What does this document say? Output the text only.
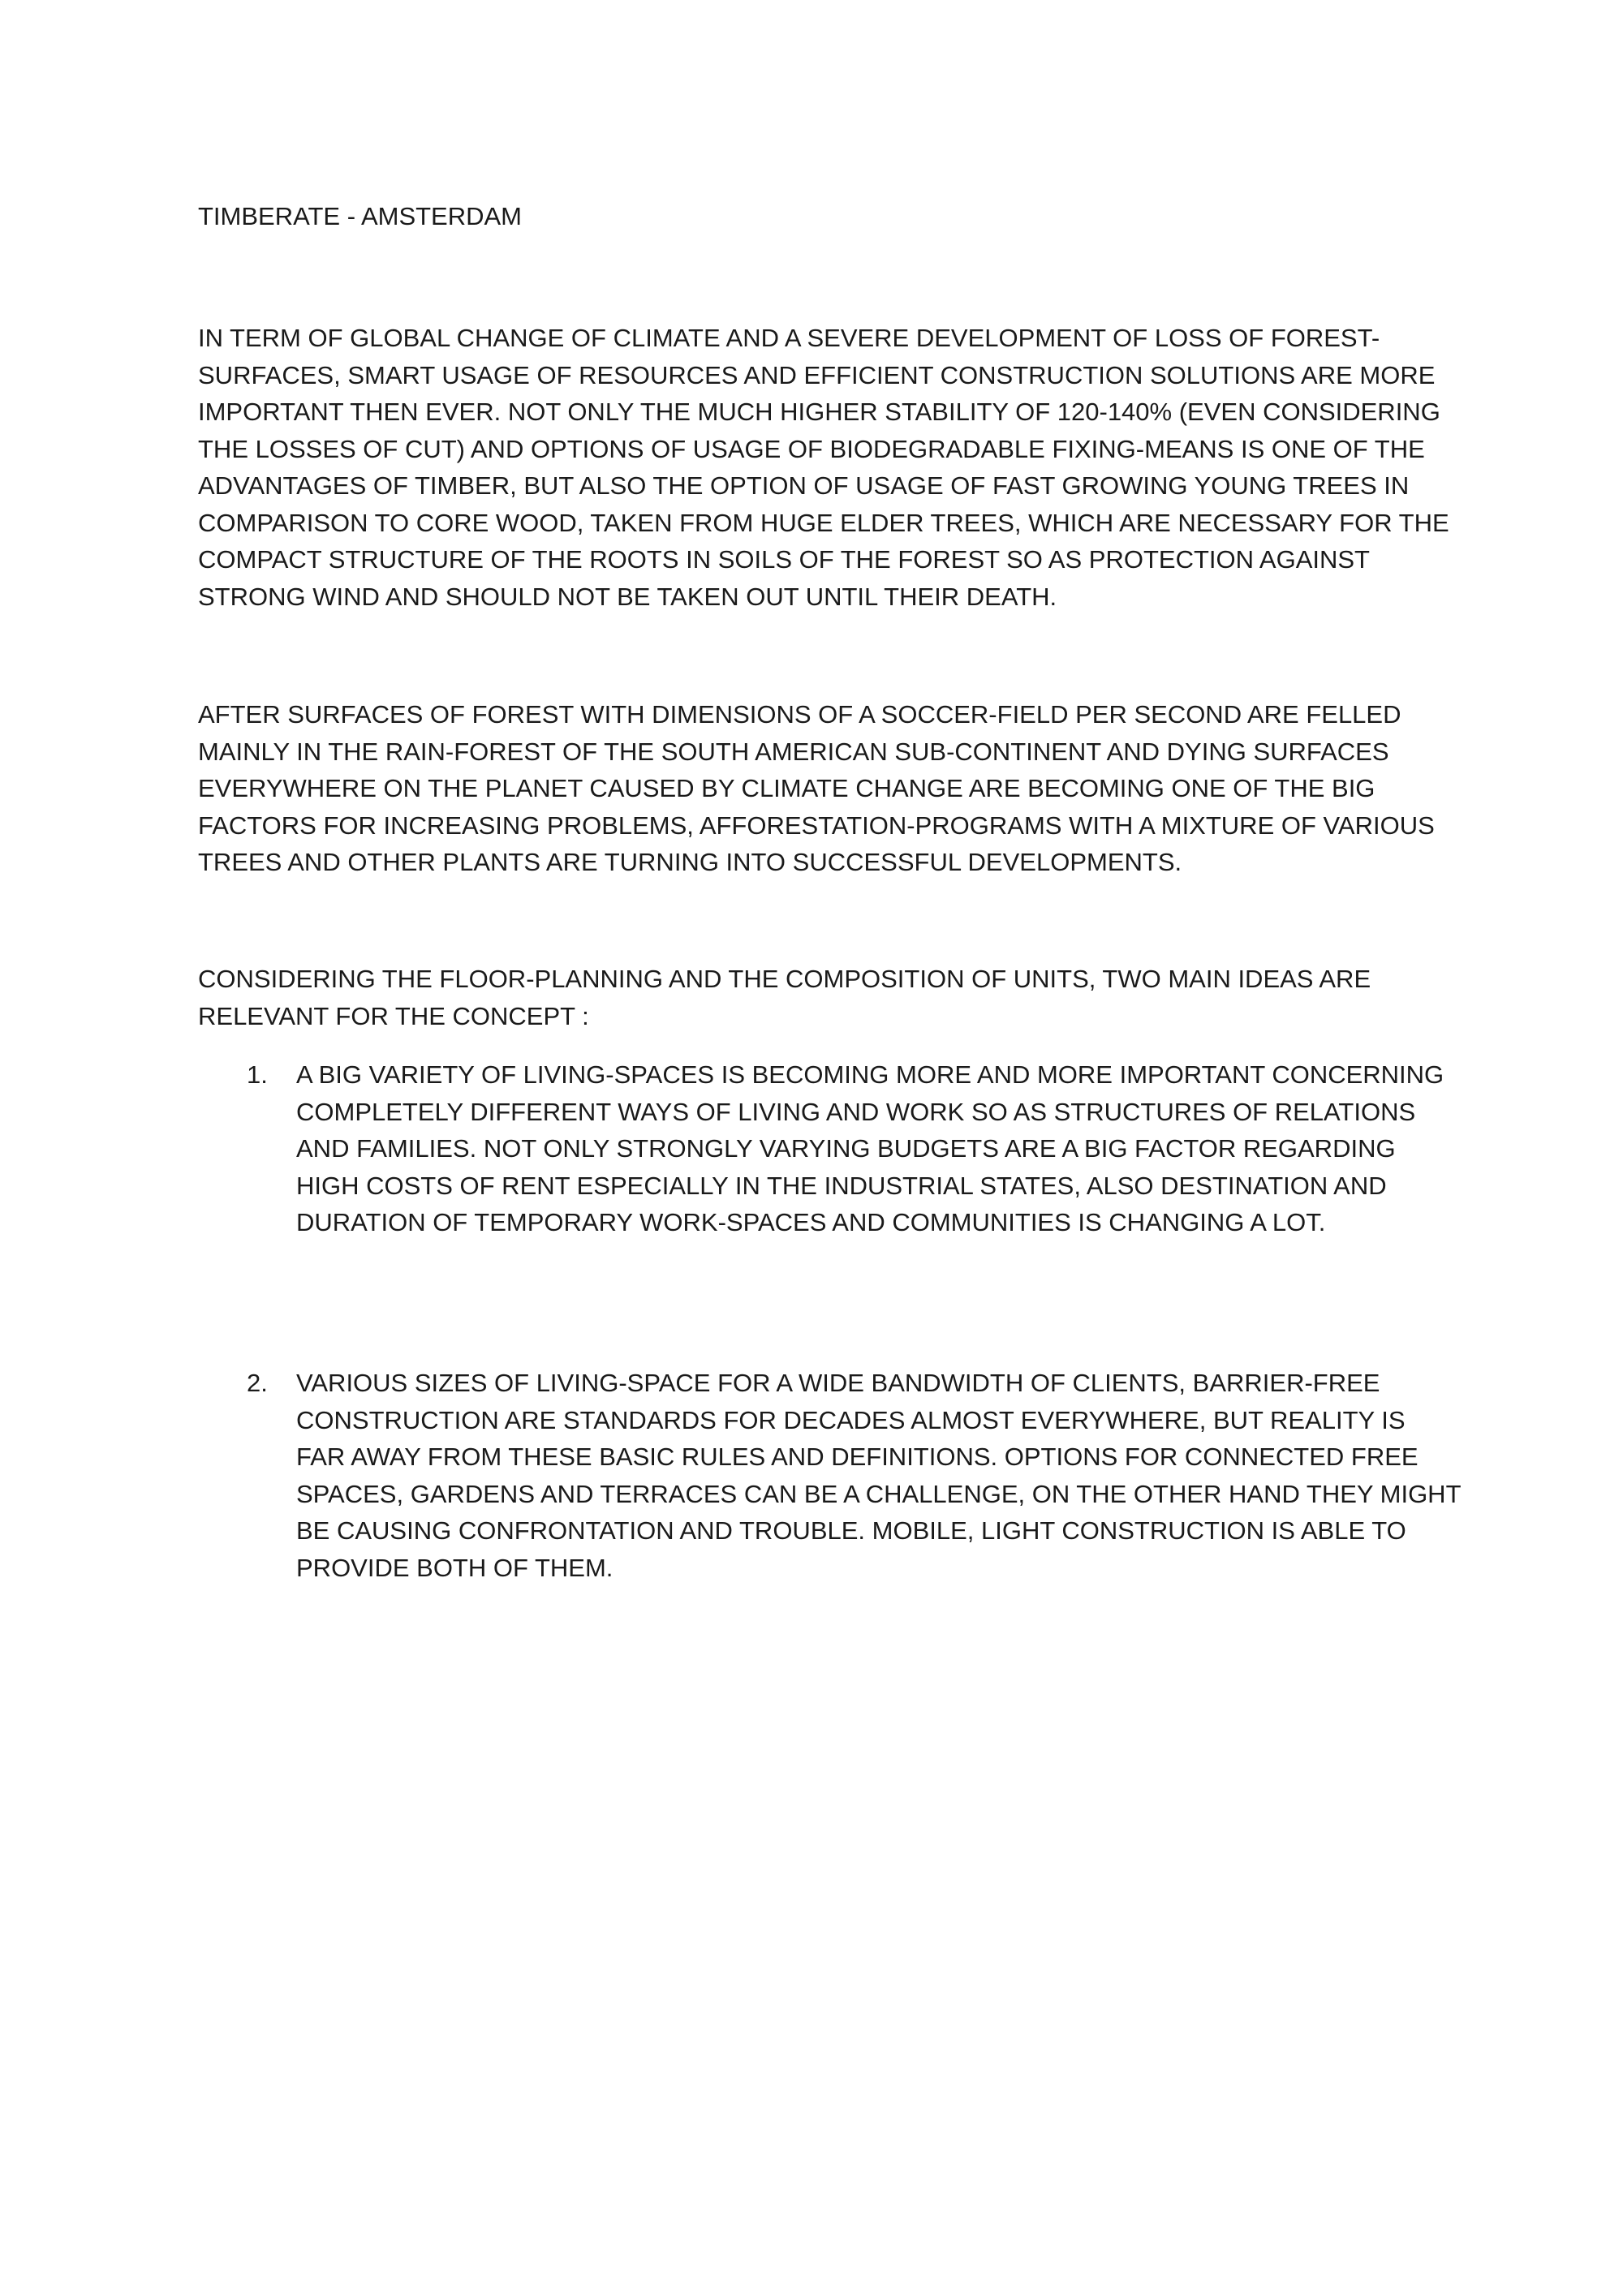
TIMBERATE - AMSTERDAM

IN TERM OF GLOBAL CHANGE OF CLIMATE AND A SEVERE DEVELOPMENT OF LOSS OF FOREST-SURFACES, SMART USAGE OF RESOURCES AND EFFICIENT CONSTRUCTION SOLUTIONS ARE MORE IMPORTANT THEN EVER. NOT ONLY THE MUCH HIGHER STABILITY OF 120-140% (EVEN CONSIDERING THE LOSSES OF CUT) AND OPTIONS OF USAGE OF BIODEGRADABLE FIXING-MEANS IS ONE OF THE ADVANTAGES OF TIMBER, BUT ALSO THE OPTION OF USAGE OF FAST GROWING YOUNG TREES IN COMPARISON TO CORE WOOD, TAKEN FROM HUGE ELDER TREES, WHICH ARE NECESSARY FOR THE COMPACT STRUCTURE OF THE ROOTS IN SOILS OF THE FOREST SO AS PROTECTION AGAINST STRONG WIND AND SHOULD NOT BE TAKEN OUT UNTIL THEIR DEATH.

AFTER SURFACES OF FOREST WITH DIMENSIONS OF A SOCCER-FIELD PER SECOND ARE FELLED MAINLY IN THE RAIN-FOREST OF THE SOUTH AMERICAN SUB-CONTINENT AND DYING SURFACES EVERYWHERE ON THE PLANET CAUSED BY CLIMATE CHANGE ARE BECOMING ONE OF THE BIG FACTORS FOR INCREASING PROBLEMS, AFFORESTATION-PROGRAMS WITH A MIXTURE OF VARIOUS TREES AND OTHER PLANTS ARE TURNING INTO SUCCESSFUL DEVELOPMENTS.

CONSIDERING THE FLOOR-PLANNING AND THE COMPOSITION OF UNITS, TWO MAIN IDEAS ARE RELEVANT FOR THE CONCEPT :

1.	A BIG VARIETY OF LIVING-SPACES IS BECOMING MORE AND MORE IMPORTANT CONCERNING COMPLETELY DIFFERENT WAYS OF LIVING AND WORK SO AS STRUCTURES OF RELATIONS AND FAMILIES. NOT ONLY STRONGLY VARYING BUDGETS ARE A BIG FACTOR REGARDING HIGH COSTS OF RENT ESPECIALLY IN THE INDUSTRIAL STATES, ALSO DESTINATION AND DURATION OF TEMPORARY WORK-SPACES AND COMMUNITIES IS CHANGING A LOT.
2.	VARIOUS SIZES OF LIVING-SPACE FOR A WIDE BANDWIDTH OF CLIENTS, BARRIER-FREE CONSTRUCTION ARE STANDARDS FOR DECADES ALMOST EVERYWHERE, BUT REALITY IS FAR AWAY FROM THESE BASIC RULES AND DEFINITIONS. OPTIONS FOR CONNECTED FREE SPACES, GARDENS AND TERRACES CAN BE A CHALLENGE, ON THE OTHER HAND THEY MIGHT BE CAUSING CONFRONTATION AND TROUBLE. MOBILE, LIGHT CONSTRUCTION IS ABLE TO PROVIDE BOTH OF THEM.
